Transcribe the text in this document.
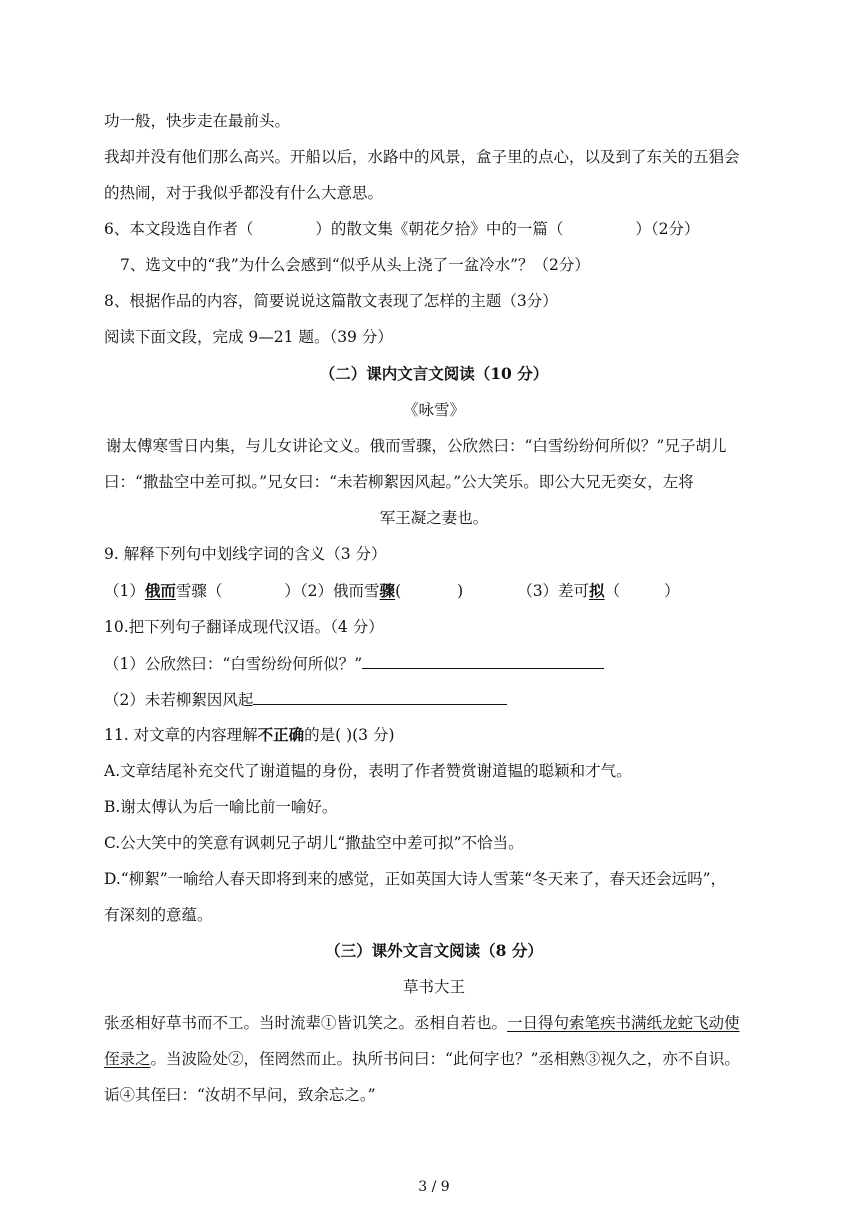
功一般，快步走在最前头。
我却并没有他们那么高兴。开船以后，水路中的风景，盒子里的点心，以及到了东关的五猖会
的热闹，对于我似乎都没有什么大意思。
6、本文段选自作者（	）的散文集《朝花夕拾》中的一篇（	）（2分）
7、选文中的“我”为什么会感到“似乎从头上浇了一盆冷水”？（2分）
8、根据作品的内容，简要说说这篇散文表现了怎样的主题（3分）
阅读下面文段，完成 9—21 题。（39 分）
（二）课内文言文阅读（10 分）
《咏雪》
谢太傅寒雪日内集，与儿女讲论文义。俄而雪骤，公欣然曰：“白雪纷纷何所似？”兄子胡儿
曰：“撒盐空中差可拟。”兄女曰：“未若柳絮因风起。”公大笑乐。即公大兄无奕女，左将
军王凝之妻也。
9. 解释下列句中划线字词的含义（3 分）
（1）俄而雪骤（	）（2）俄而雪骤(	)	（3）差可拟（	）
10.把下列句子翻译成现代汉语。（4 分）
（1）公欣然曰：“白雪纷纷何所似？”
（2）未若柳絮因风起
11. 对文章的内容理解不正确的是( )(3 分)
A.文章结尾补充交代了谢道韫的身份，表明了作者赞赏谢道韫的聪颖和才气。
B.谢太傅认为后一喻比前一喻好。
C.公大笑中的笑意有讽刺兄子胡儿“撒盐空中差可拟”不恰当。
D.“柳絮”一喻给人春天即将到来的感觉，正如英国大诗人雪莱“冬天来了，春天还会远吗”，
有深刻的意蕴。
（三）课外文言文阅读（8 分）
草书大王
张丞相好草书而不工。当时流辈①皆讥笑之。丞相自若也。一日得句索笔疾书满纸龙蛇飞动使
侄录之。当波险处②，侄罔然而止。执所书问曰：“此何字也？”丞相熟③视久之，亦不自识。
诟④其侄曰：“汝胡不早问，致余忘之。”
3 / 9
